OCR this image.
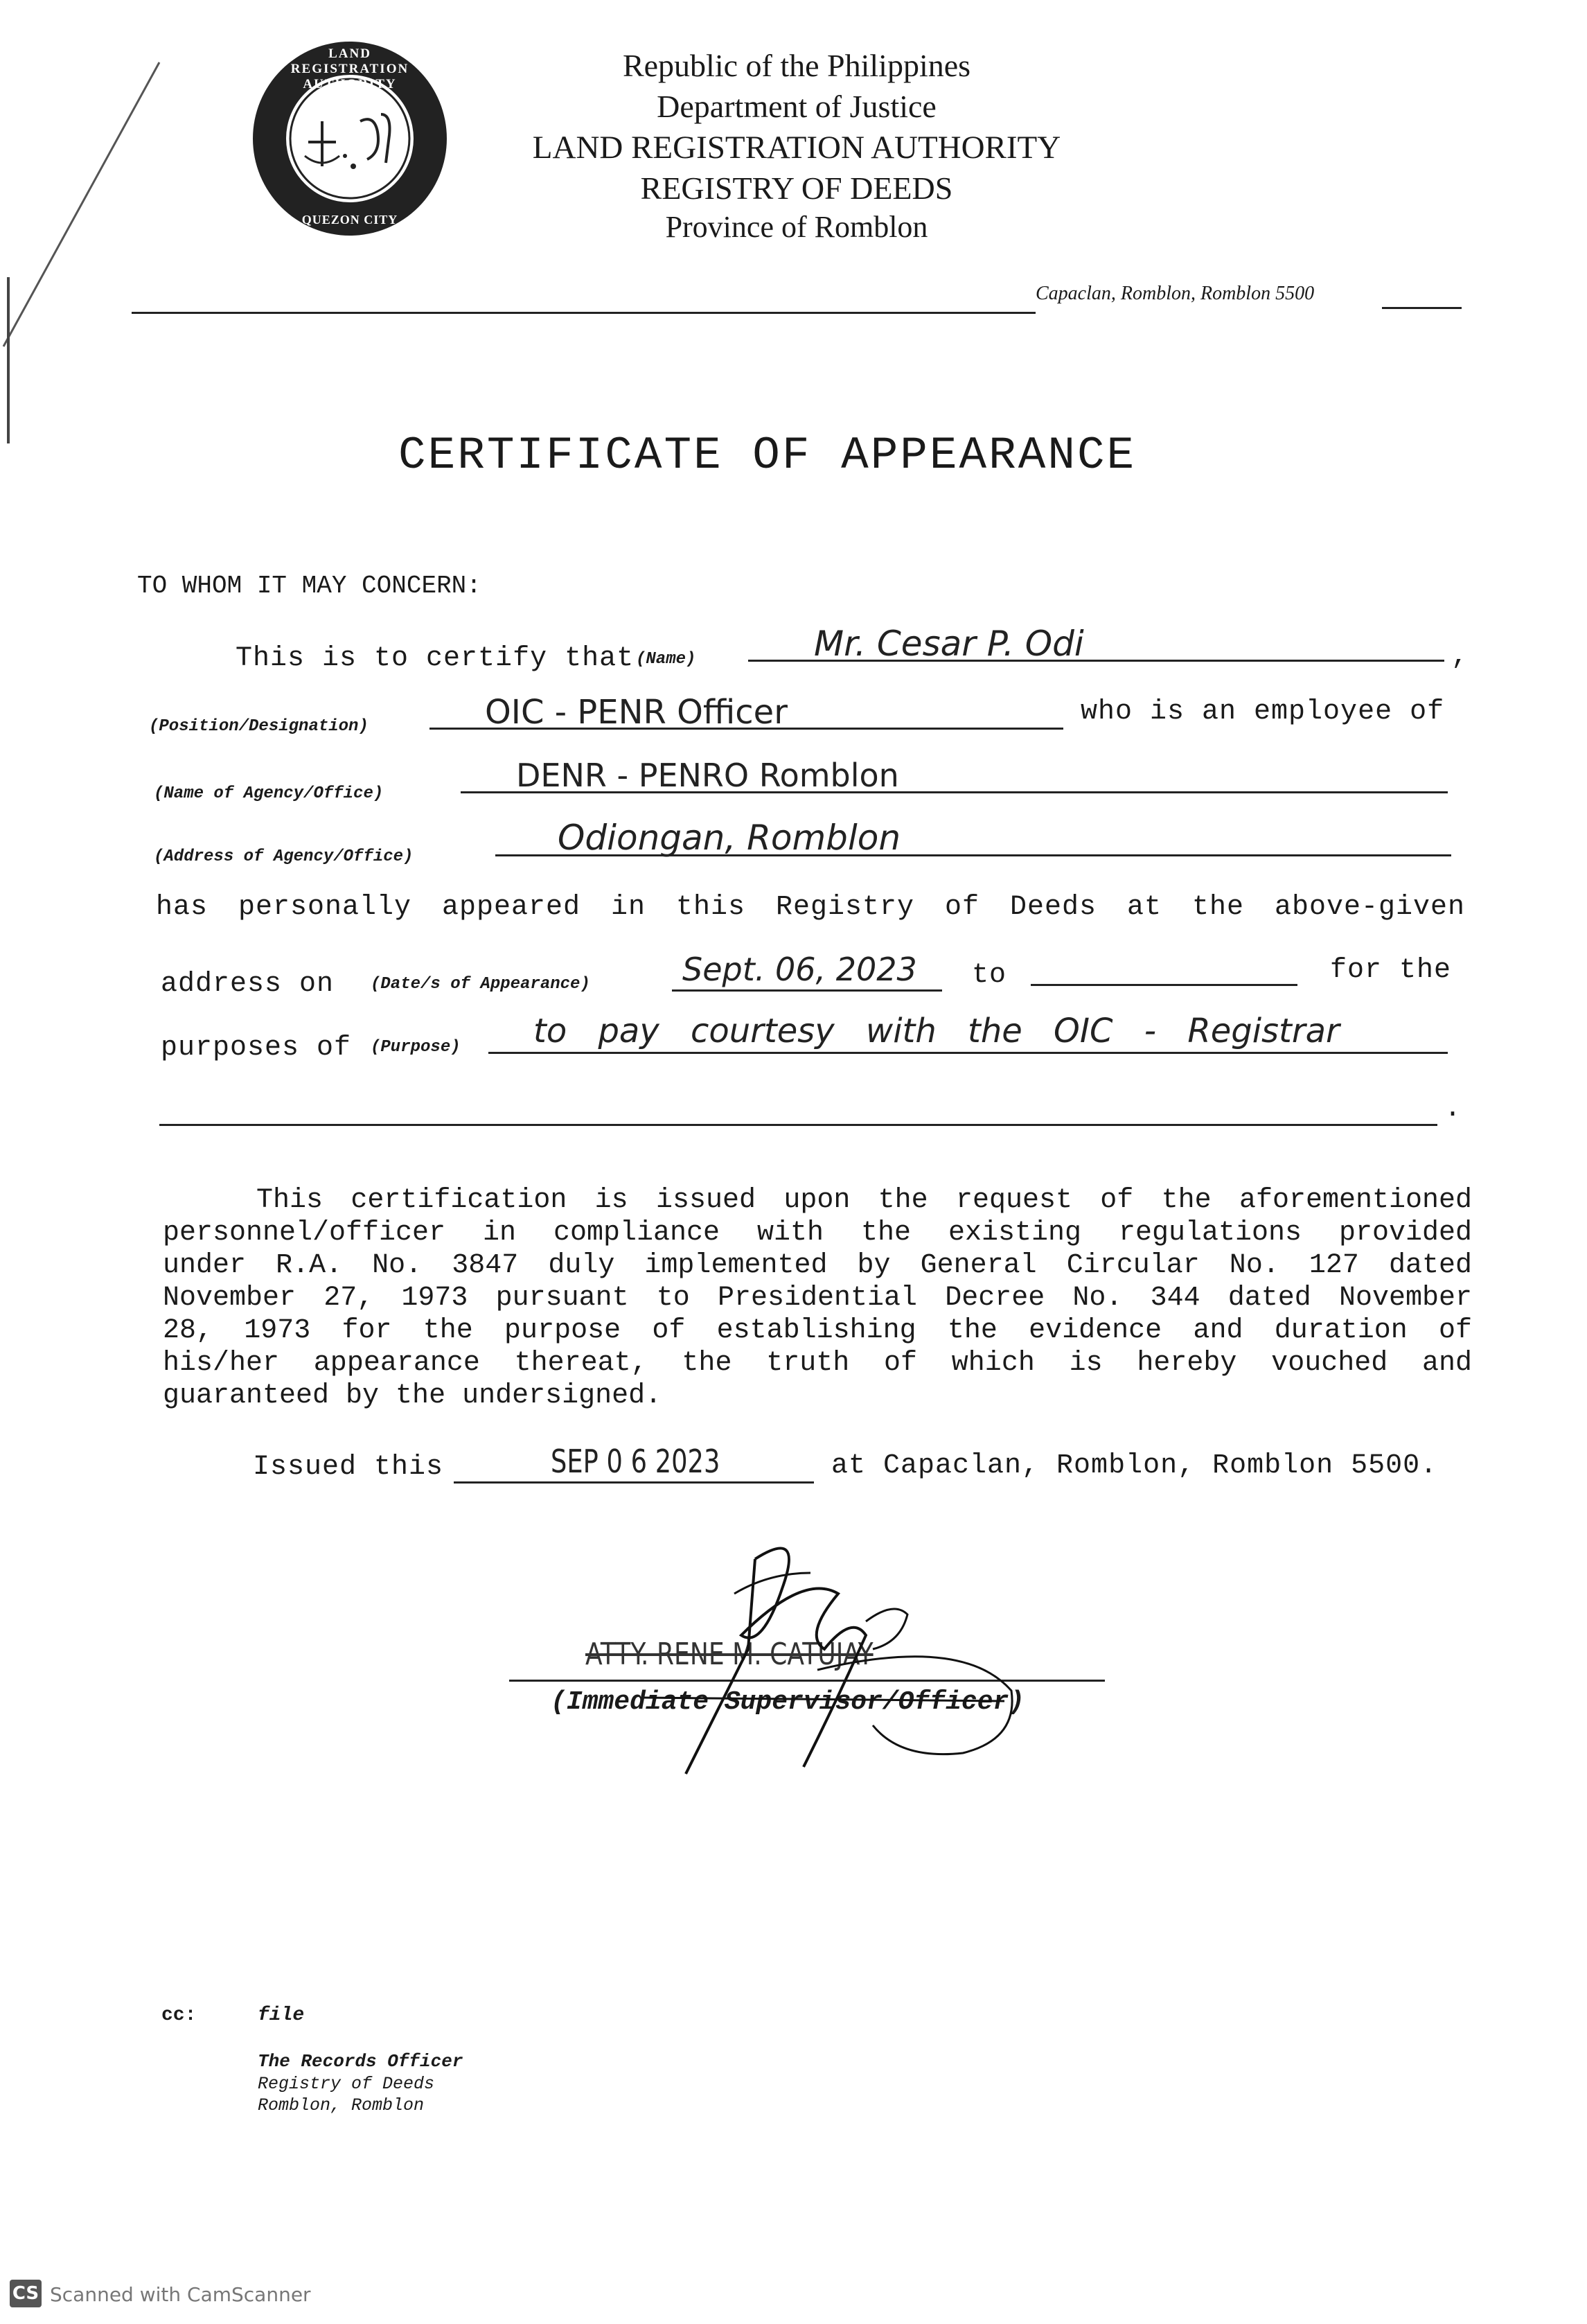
LAND REGISTRATION AUTHORITY
QUEZON CITY
Republic of the Philippines
Department of Justice
LAND REGISTRATION AUTHORITY
REGISTRY OF DEEDS
Province of Romblon
Capaclan, Romblon, Romblon 5500
CERTIFICATE OF APPEARANCE
TO WHOM IT MAY CONCERN:
This is to certify that (Name)	Mr. Cesar P. Odi	,
(Position/Designation)	OIC - PENR Officer	who is an employee of
(Name of Agency/Office)	DENR - PENRO Romblon
(Address of Agency/Office)	Odiongan, Romblon
has personally appeared in this Registry of Deeds at the above-given
address on (Date/s of Appearance)	Sept. 06, 2023 to	for the
purposes of (Purpose) to pay courtesy with the OIC - Registrar
.
This certification is issued upon the request of the aforementioned
personnel/officer in compliance with the existing regulations provided
under R.A. No. 3847 duly implemented by General Circular No. 127 dated
November 27, 1973 pursuant to Presidential Decree No. 344 dated November
28, 1973 for the purpose of establishing the evidence and duration of
his/her appearance thereat, the truth of which is hereby vouched and
guaranteed by the undersigned.
Issued this	SEP 0 6 2023	at Capaclan, Romblon, Romblon 5500.
ATTY. RENE M. CATUJAY
(Immediate Supervisor/Officer)
cc:	file
The Records Officer
Registry of Deeds
Romblon, Romblon
CS Scanned with CamScanner
